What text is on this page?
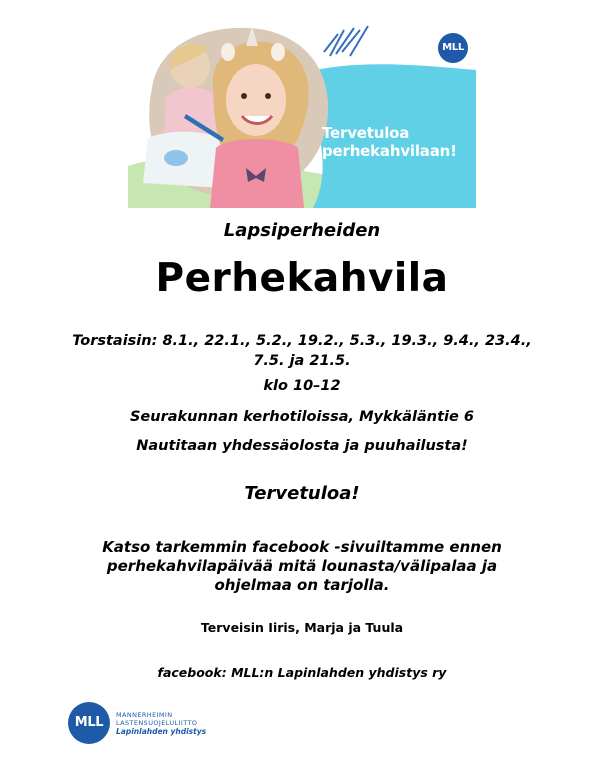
Tervetuloa
perhekahvilaan!
MLL
Lapsiperheiden
Perhekahvila
Torstaisin: 8.1., 22.1., 5.2., 19.2., 5.3., 19.3., 9.4., 23.4., 7.5. ja 21.5.
klo 10–12
Seurakunnan kerhotiloissa, Mykkäläntie 6
Nautitaan yhdessäolosta ja puuhailusta!
Tervetuloa!
Katso tarkemmin facebook -sivuiltamme ennen perhekahvilapäivää mitä lounasta/välipalaa ja ohjelmaa on tarjolla.
Terveisin Iiris, Marja ja Tuula
facebook: MLL:n Lapinlahden yhdistys ry
MLL	MANNERHEIMIN
LASTENSUOJELULIITTO
Lapinlahden yhdistys
